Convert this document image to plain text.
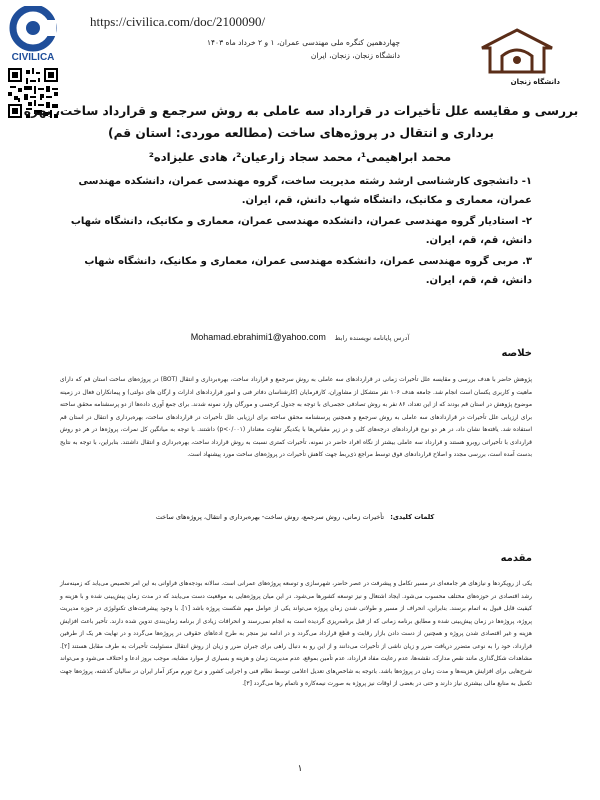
CIVILICA
https://civilica.com/doc/2100090/
چهاردهمین کنگره ملی مهندسی عمران، ۱ و ۲ خرداد ماه ۱۴۰۳
دانشگاه زنجان، زنجان، ایران
دانشگاه زنجان
بررسی و مقایسه علل تأخیرات در قرارداد سه عاملی به روش سرجمع و قرارداد ساخت، بهره
برداری و انتقال در پروژه‌های ساخت (مطالعه موردی: استان قم)
محمد ابراهیمی¹، محمد سجاد زارعیان²، هادی علیزاده²
۱- دانشجوی کارشناسی ارشد رشته مدیریت ساخت، گروه مهندسی عمران، دانشکده مهندسی عمران، معماری و مکانیک، دانشگاه شهاب دانش، قم، ایران.
۲- استادیار گروه مهندسی عمران، دانشکده مهندسی عمران، معماری و مکانیک، دانشگاه شهاب دانش، قم، قم، ایران.
۳. مربی گروه مهندسی عمران، دانشکده مهندسی عمران، معماری و مکانیک، دانشگاه شهاب دانش، قم، قم، ایران.
Mohamad.ebrahimi1@yahoo.com آدرس پایانامه نویسنده رابط
خلاصه
پژوهش حاضر با هدف بررسی و مقایسه علل تأخیرات زمانی در قراردادهای سه عاملی به روش سرجمع و قرارداد ساخت، بهره‌برداری و انتقال (BOT) در پروژه‌های ساخت استان قم که دارای ماهیت و کاربری یکسان است انجام شد. جامعه هدف ۱۰۶ نفر متشکل از مشاوران، کارفرمایان (کارشناسان دفاتر فنی و امور قراردادهای ادارات و ارگان های دولتی) و پیمانکاران فعال در زمینه موضوع پژوهش در استان قم بودند که از این تعداد، ۸۶ نفر به روش تصادفی حجمی‌ای با توجه به جدول کرجسی و مورگان وارد نمونه شدند. برای جمع آوری داده‌ها از دو پرسشنامه محقق ساخته برای ارزیابی علل تأخیرات در قراردادهای سه عاملی به روش سرجمع و همچنین پرسشنامه محقق ساخته برای ارزیابی علل تأخیرات در قراردادهای ساخت، بهره‌برداری و انتقال در استان قم استفاده شد. یافته‌ها نشان داد، در هر دو نوع قراردادهای درجه‌های کلی و در زیر مقیاس‌ها با یکدیگر تفاوت معنادار (p<۰/۰۰۱) داشتند. با توجه به میانگین کل نمرات، پروژه‌ها در هر دو روش قراردادی با تأخیراتی روبرو هستند و قرارداد سه عاملی بیشتر از نگاه افراد حاضر در نمونه، تأخیرات کمتری نسبت به روش قرارداد ساخت، بهره‌برداری و انتقال داشتند. بنابراین، با توجه به نتایج بدست آمده است، بررسی مجدد و اصلاح قراردادهای فوق توسط مراجع ذی‌ربط جهت کاهش تأخیرات در پروژه‌های ساخت مورد پیشنهاد است.
کلمات کلیدی: تأخیرات زمانی، روش سرجمع، روش ساخت- بهره‌برداری و انتقال، پروژه‌های ساخت
مقدمه
یکی از رویکردها و نیازهای هر جامعه‌ای در مسیر تکامل و پیشرفت در عصر حاضر، شهرسازی و توسعه پروژه‌های عمرانی است. سالانه بودجه‌های فراوانی به این امر تخصیص می‌یابد که زمینه‌ساز رشد اقتصادی در حوزه‌های مختلف محسوب می‌شود. ایجاد اشتغال و نیز توسعه کشورها می‌شود. در این میان پروژه‌هایی به موقعیت دست می‌یابند که در مدت زمان پیش‌بینی شده و با هزینه و کیفیت قابل قبول به اتمام برسند. بنابراین، انحراف از مسیر و طولانی شدن زمان پروژه می‌تواند یکی از عوامل مهم شکست پروژه باشد [۱]. با وجود پیشرفت‌های تکنولوژی در حوزه مدیریت پروژه، پروژه‌ها در زمان پیش‌بینی شده و مطابق برنامه زمانی که از قبل برنامه‌ریزی گردیده است به انجام نمی‌رسند و انحرافات زیادی از برنامه زمان‌بندی تدوین شده دارند. تأخیر باعث افزایش هزینه و غیر اقتصادی شدن پروژه و همچنین از دست دادن بازار رقابت و قطع قرارداد می‌گردد و در ادامه نیز منجر به طرح ادعاهای حقوقی در پروژه‌ها می‌گردد و در نهایت هر یک از طرفین قرارداد، خود را به نوعی متضرر دریافت ضرر و زیان ناشی از تأخیرات می‌دانند و از این رو به دنبال راهی برای جبران ضرر و زیان از روش انتقال مسئولیت تأخیرات به طرف مقابل هستند [۲]. مشاهدات شکل‌گذاری مانند نقص مدارک، نقشه‌ها، عدم رعایت مفاد قرارداد، عدم تأمین بموقع، عدم مدیریت زمان و هزینه و بسیاری از موارد مشابه، موجب بروز ادعا و اختلاف می‌شود و می‌تواند شرح‌هایی برای افزایش هزینه‌ها و مدت زمان در پروژه‌ها باشد. باتوجه به شاخص‌های تعدیل اعلامی توسط نظام فنی و اجرایی کشور و نرخ تورم مرکز آمار ایران در سالیان گذشته، پروژه‌ها جهت تکمیل به منابع مالی بیشتری نیاز دارند و حتی در بعضی از اوقات نیز پروژه به صورت نیمه‌کاره و ناتمام رها می‌گردد [۳].
۱
